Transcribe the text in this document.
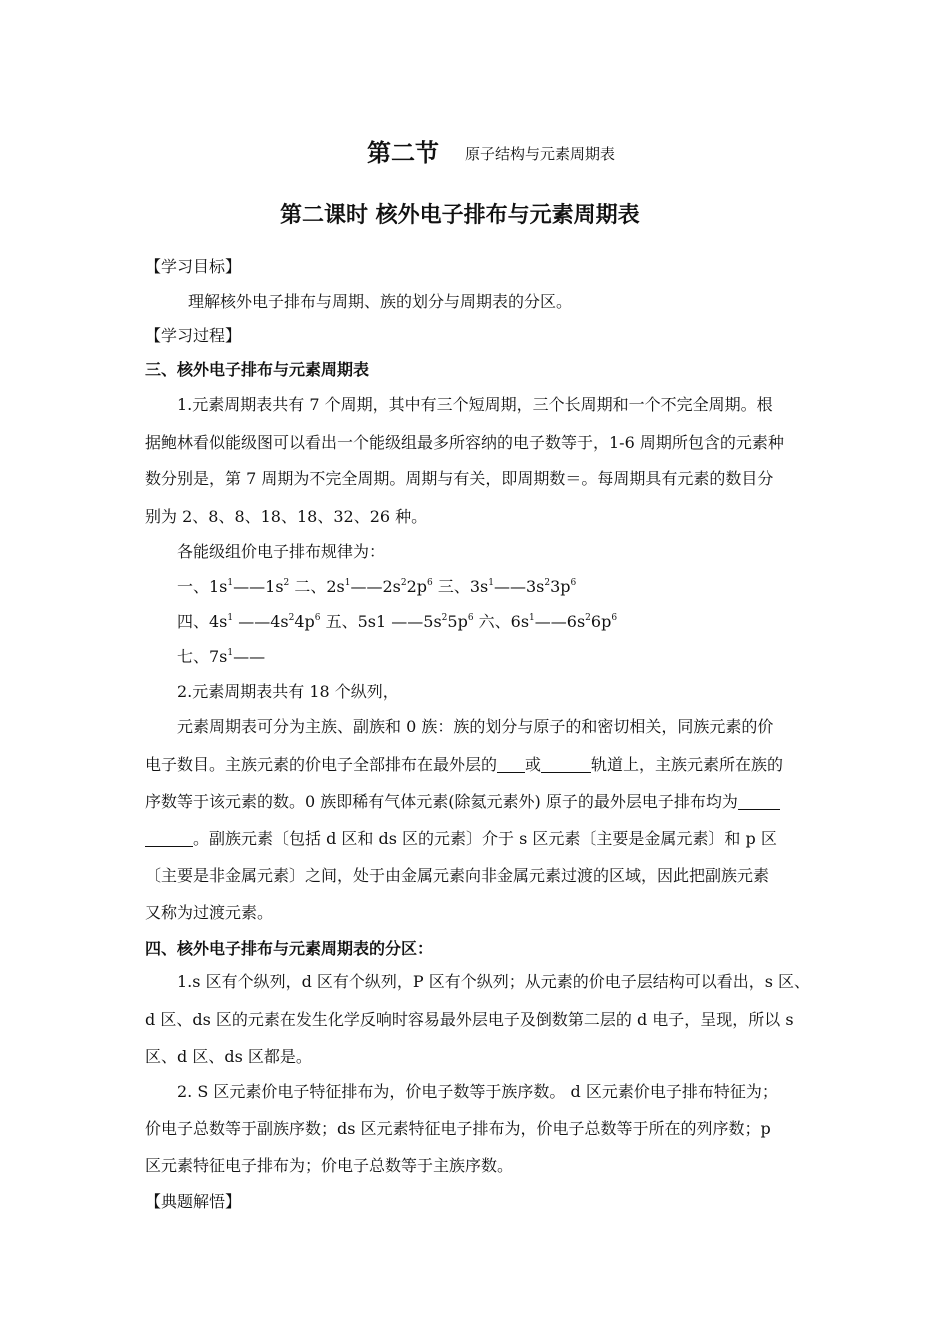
第二节 原子结构与元素周期表
第二课时 核外电子排布与元素周期表
【学习目标】
理解核外电子排布与周期、族的划分与周期表的分区。
【学习过程】
三、核外电子排布与元素周期表
1.元素周期表共有 7 个周期，其中有三个短周期，三个长周期和一个不完全周期。根
据鲍林看似能级图可以看出一个能级组最多所容纳的电子数等于，1-6 周期所包含的元素种
数分别是，第 7 周期为不完全周期。周期与有关，即周期数＝。每周期具有元素的数目分
别为 2、8、8、18、18、32、26 种。
各能级组价电子排布规律为：
一、$1s^1——1s^2$ 二、$2s^1——2s^22p^6$ 三、$3s^1——3s^23p^6$
四、$4s^1$ $——4s^24p^6$ 五、5s1 $——5s^25p^6$ 六、$6s^1——6s^26p^6$
七、$7s^1——$
2.元素周期表共有 18 个纵列，
元素周期表可分为主族、副族和 0 族：族的划分与原子的和密切相关，同族元素的价
电子数目。主族元素的价电子全部排布在最外层的 或	轨道上，主族元素所在族的
序数等于该元素的数。0 族即稀有气体元素(除氦元素外) 原子的最外层电子排布均为
。副族元素〔包括 d 区和 ds 区的元素〕介于 s 区元素〔主要是金属元素〕和 p 区
〔主要是非金属元素〕之间，处于由金属元素向非金属元素过渡的区域，因此把副族元素
又称为过渡元素。
四、核外电子排布与元素周期表的分区：
1.s 区有个纵列，d 区有个纵列，P 区有个纵列；从元素的价电子层结构可以看出，s 区、
d 区、ds 区的元素在发生化学反响时容易最外层电子及倒数第二层的 d 电子，呈现，所以 s
区、d 区、ds 区都是。
2. S 区元素价电子特征排布为，价电子数等于族序数。 d 区元素价电子排布特征为；
价电子总数等于副族序数；ds 区元素特征电子排布为，价电子总数等于所在的列序数；p
区元素特征电子排布为；价电子总数等于主族序数。
【典题解悟】
